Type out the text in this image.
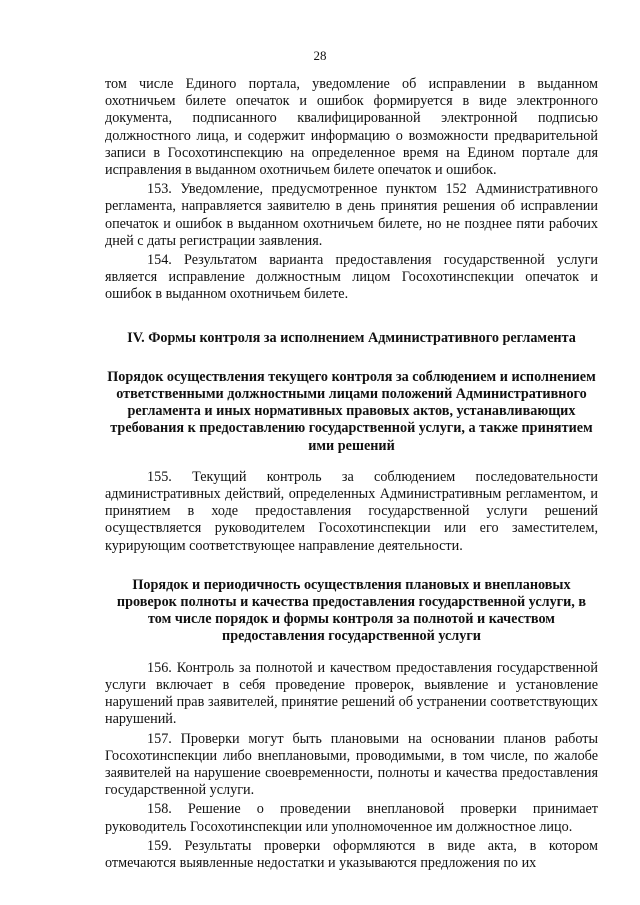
28

том числе Единого портала, уведомление об исправлении в выданном охотничьем билете опечаток и ошибок формируется в виде электронного документа, подписанного квалифицированной электронной подписью должностного лица, и содержит информацию о возможности предварительной записи в Госохотинспекцию на определенное время на Едином портале для исправления в выданном охотничьем билете опечаток и ошибок.

153. Уведомление, предусмотренное пунктом 152 Административного регламента, направляется заявителю в день принятия решения об исправлении опечаток и ошибок в выданном охотничьем билете, но не позднее пяти рабочих дней с даты регистрации заявления.

154. Результатом варианта предоставления государственной услуги является исправление должностным лицом Госохотинспекции опечаток и ошибок в выданном охотничьем билете.

IV. Формы контроля за исполнением Административного регламента
Порядок осуществления текущего контроля за соблюдением и исполнением ответственными должностными лицами положений Административного регламента и иных нормативных правовых актов, устанавливающих требования к предоставлению государственной услуги, а также принятием ими решений

155. Текущий контроль за соблюдением последовательности административных действий, определенных Административным регламентом, и принятием в ходе предоставления государственной услуги решений осуществляется руководителем Госохотинспекции или его заместителем, курирующим соответствующее направление деятельности.

Порядок и периодичность осуществления плановых и внеплановых проверок полноты и качества предоставления государственной услуги, в том числе порядок и формы контроля за полнотой и качеством предоставления государственной услуги

156. Контроль за полнотой и качеством предоставления государственной услуги включает в себя проведение проверок, выявление и установление нарушений прав заявителей, принятие решений об устранении соответствующих нарушений.

157. Проверки могут быть плановыми на основании планов работы Госохотинспекции либо внеплановыми, проводимыми, в том числе, по жалобе заявителей на нарушение своевременности, полноты и качества предоставления государственной услуги.

158. Решение о проведении внеплановой проверки принимает руководитель Госохотинспекции или уполномоченное им должностное лицо.

159. Результаты проверки оформляются в виде акта, в котором отмечаются выявленные недостатки и указываются предложения по их
